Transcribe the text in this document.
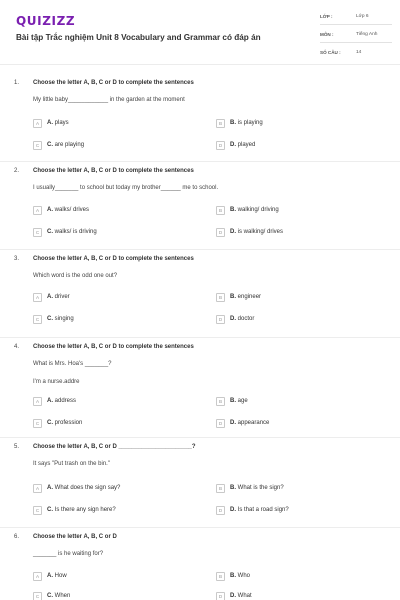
QUIZIZZ
Bài tập Trắc nghiệm Unit 8 Vocabulary and Grammar có đáp án
LỚP :	Lớp 6
MÔN :	Tiếng Anh
SỐ CÂU :	14
1. Choose the letter A, B, C or D to complete the sentences
My little baby____________ in the garden at the moment
A	A. plays	B	B. is playing
C	C. are playing	D	D. played
2. Choose the letter A, B, C or D to complete the sentences
I usually_______ to school but today my brother______ me to school.
A	A. walks/ drives	B	B. walking/ driving
C	C. walks/ is driving	D	D. is walking/ drives
3. Choose the letter A, B, C or D to complete the sentences
Which word is the odd one out?
A	A. driver	B	B. engineer
C	C. singing	D	D. doctor
4. Choose the letter A, B, C or D to complete the sentences
What is Mrs. Hoa's _______?
I'm a nurse.addre
A	A. address	B	B. age
C	C. profession	D	D. appearance
5. Choose the letter A, B, C or D ______________________?
It says "Put trash on the bin."
A	A. What does the sign say?	B	B. What is the sign?
C	C. Is there any sign here?	D	D. Is that a road sign?
6. Choose the letter A, B, C or D
_______ is he waiting for?
A	A. How	B	B. Who
C	C. When	D	D. What
